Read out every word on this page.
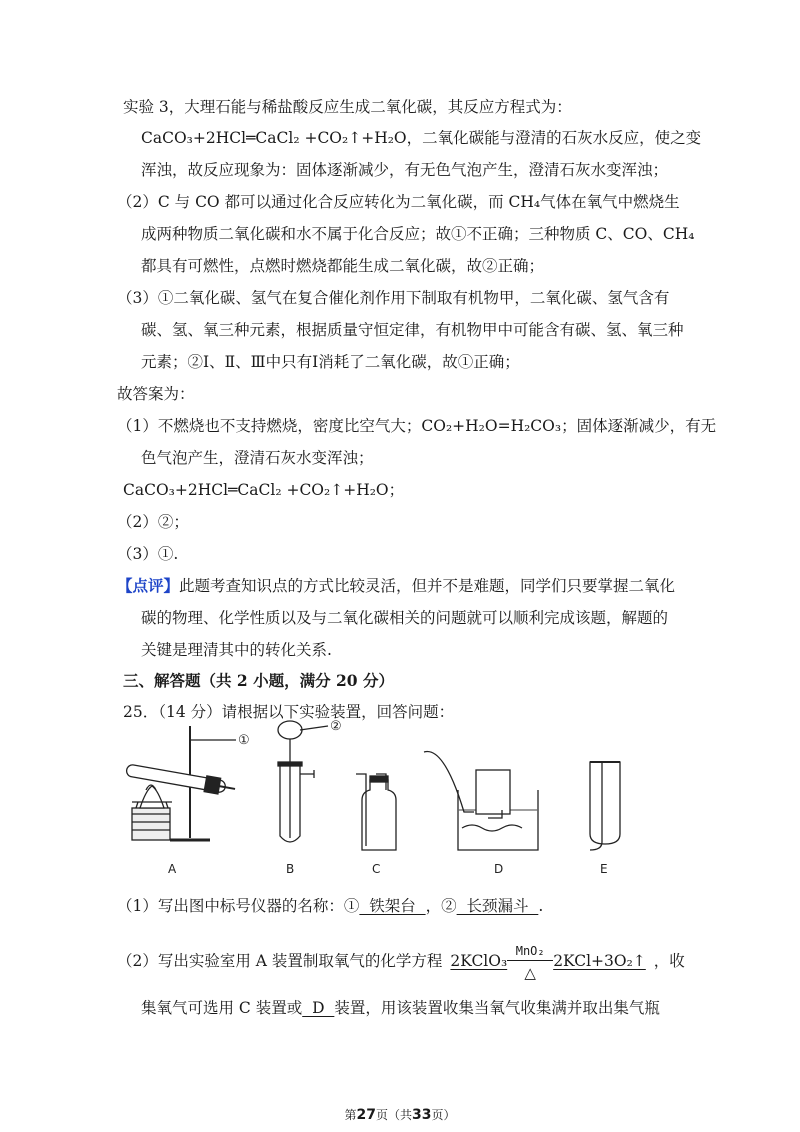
实验 3，大理石能与稀盐酸反应生成二氧化碳，其反应方程式为：
CaCO₃+2HCl═CaCl₂ +CO₂↑+H₂O，二氧化碳能与澄清的石灰水反应，使之变
浑浊，故反应现象为：固体逐渐减少，有无色气泡产生，澄清石灰水变浑浊；
（2）C 与 CO 都可以通过化合反应转化为二氧化碳，而 CH₄气体在氧气中燃烧生
成两种物质二氧化碳和水不属于化合反应；故①不正确；三种物质 C、CO、CH₄
都具有可燃性，点燃时燃烧都能生成二氧化碳，故②正确；
（3）①二氧化碳、氢气在复合催化剂作用下制取有机物甲，二氧化碳、氢气含有
碳、氢、氧三种元素，根据质量守恒定律，有机物甲中可能含有碳、氢、氧三种
元素；②Ⅰ、Ⅱ、Ⅲ中只有Ⅰ消耗了二氧化碳，故①正确；
故答案为：
（1）不燃烧也不支持燃烧，密度比空气大；CO₂+H₂O=H₂CO₃；固体逐渐减少，有无
色气泡产生，澄清石灰水变浑浊；
CaCO₃+2HCl═CaCl₂ +CO₂↑+H₂O；
（2）②；
（3）①.
【点评】此题考查知识点的方式比较灵活，但并不是难题，同学们只要掌握二氧化
碳的物理、化学性质以及与二氧化碳相关的问题就可以顺利完成该题，解题的
关键是理清其中的转化关系.
三、解答题（共 2 小题，满分 20 分）
25．（14 分）请根据以下实验装置，回答问题：
①
②
A	B	C	D	E
（1）写出图中标号仪器的名称：①  铁架台  ，②  长颈漏斗  .
（2）写出实验室用 A 装置制取氧气的化学方程 2KClO₃ $\frac{\text{MnO₂}}{\triangle}$ 2KCl+3O₂↑ ，收
集氧气可选用 C 装置或  D  装置，用该装置收集当氧气收集满并取出集气瓶
第27页（共33页）
